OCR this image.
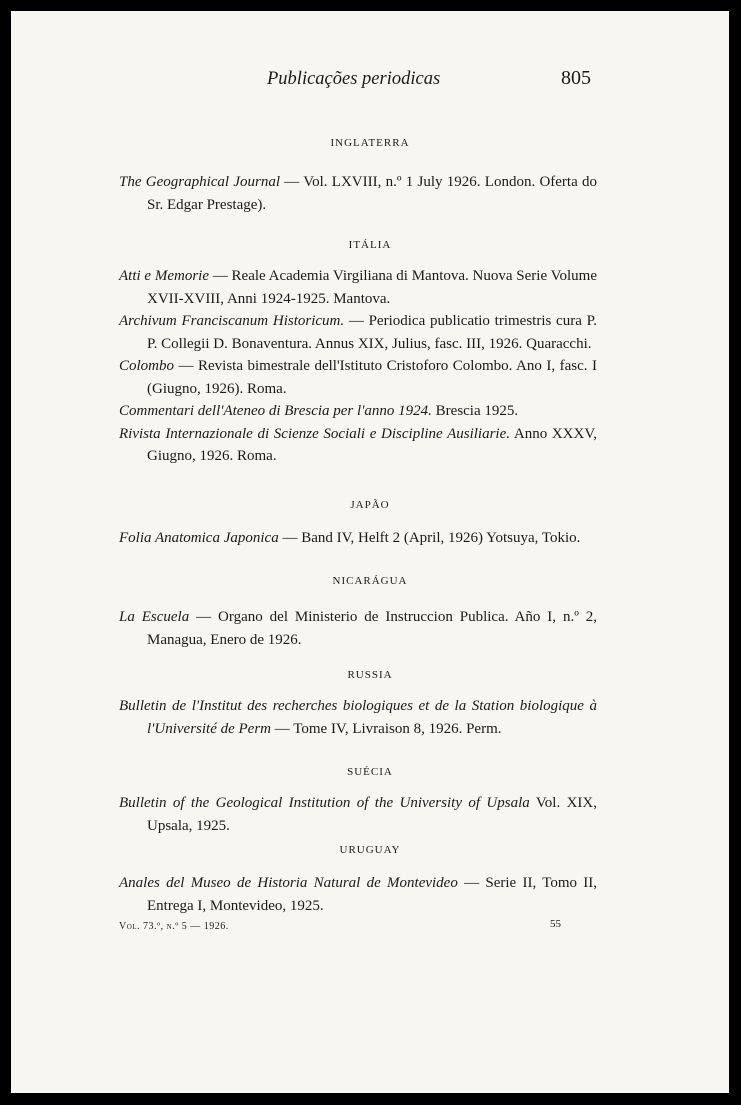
Publicações periodicas	805
INGLATERRA
The Geographical Journal — Vol. LXVIII, n.º 1 July 1926. London. Oferta do Sr. Edgar Prestage).
ITÁLIA
Atti e Memorie — Reale Academia Virgiliana di Mantova. Nuova Serie Volume XVII-XVIII, Anni 1924-1925. Mantova.
Archivum Franciscanum Historicum. — Periodica publicatio trimestris cura P. P. Collegii D. Bonaventura. Annus XIX, Julius, fasc. III, 1926. Quaracchi.
Colombo — Revista bimestrale dell'Istituto Cristoforo Colombo. Ano I, fasc. I (Giugno, 1926). Roma.
Commentari dell'Ateneo di Brescia per l'anno 1924. Brescia 1925.
Rivista Internazionale di Scienze Sociali e Discipline Ausiliarie. Anno XXXV, Giugno, 1926. Roma.
JAPÃO
Folia Anatomica Japonica — Band IV, Helft 2 (April, 1926) Yotsuya, Tokio.
NICARÁGUA
La Escuela — Organo del Ministerio de Instruccion Publica. Año I, n.º 2, Managua, Enero de 1926.
RUSSIA
Bulletin de l'Institut des recherches biologiques et de la Station biologique à l'Université de Perm — Tome IV, Livraison 8, 1926. Perm.
SUÉCIA
Bulletin of the Geological Institution of the University of Upsala Vol. XIX, Upsala, 1925.
URUGUAY
Anales del Museo de Historia Natural de Montevideo — Serie II, Tomo II, Entrega I, Montevideo, 1925.
Vol. 73.º, n.º 5 — 1926.	55
